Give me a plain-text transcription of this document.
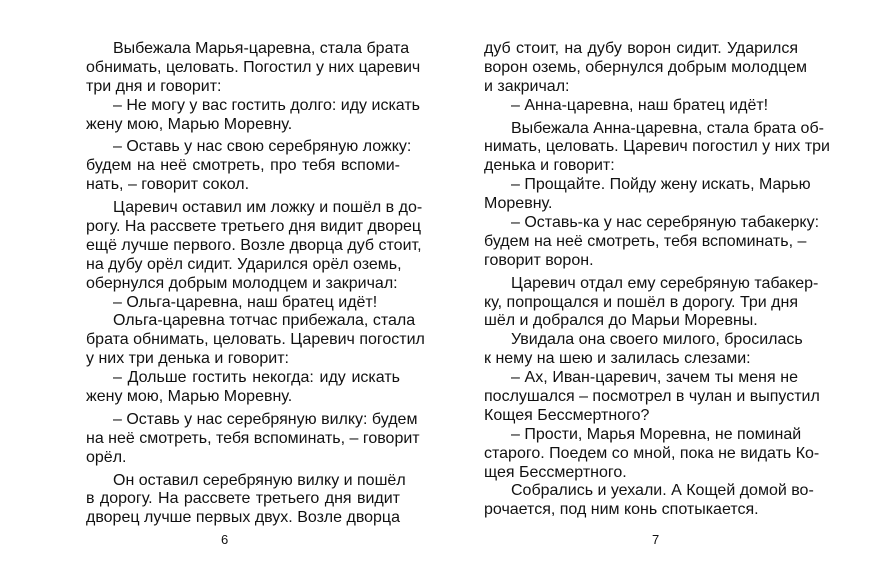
Выбежала Марья-царевна, стала брата
обнимать, целовать. Погостил у них царевич
три дня и говорит:
– Не могу у вас гостить долго: иду искать
жену мою, Марью Моревну.
– Оставь у нас свою серебряную ложку:
будем на неё смотреть, про тебя вспоми-
нать, – говорит сокол.
Царевич оставил им ложку и пошёл в до-
рогу. На рассвете третьего дня видит дворец
ещё лучше первого. Возле дворца дуб стоит,
на дубу орёл сидит. Ударился орёл оземь,
обернулся добрым молодцем и закричал:
– Ольга-царевна, наш братец идёт!
Ольга-царевна тотчас прибежала, стала
брата обнимать, целовать. Царевич погостил
у них три денька и говорит:
– Дольше гостить некогда: иду искать
жену мою, Марью Моревну.
– Оставь у нас серебряную вилку: будем
на неё смотреть, тебя вспоминать, – говорит
орёл.
Он оставил серебряную вилку и пошёл
в дорогу. На рассвете третьего дня видит
дворец лучше первых двух. Возле дворца
дуб стоит, на дубу ворон сидит. Ударился
ворон оземь, обернулся добрым молодцем
и закричал:
– Анна-царевна, наш братец идёт!
Выбежала Анна-царевна, стала брата об-
нимать, целовать. Царевич погостил у них три
денька и говорит:
– Прощайте. Пойду жену искать, Марью
Моревну.
– Оставь-ка у нас серебряную табакерку:
будем на неё смотреть, тебя вспоминать, –
говорит ворон.
Царевич отдал ему серебряную табакер-
ку, попрощался и пошёл в дорогу. Три дня
шёл и добрался до Марьи Моревны.
Увидала она своего милого, бросилась
к нему на шею и залилась слезами:
– Ах, Иван-царевич, зачем ты меня не
послушался – посмотрел в чулан и выпустил
Кощея Бессмертного?
– Прости, Марья Моревна, не поминай
старого. Поедем со мной, пока не видать Ко-
щея Бессмертного.
Собрались и уехали. А Кощей домой во-
рочается, под ним конь спотыкается.
6	7
